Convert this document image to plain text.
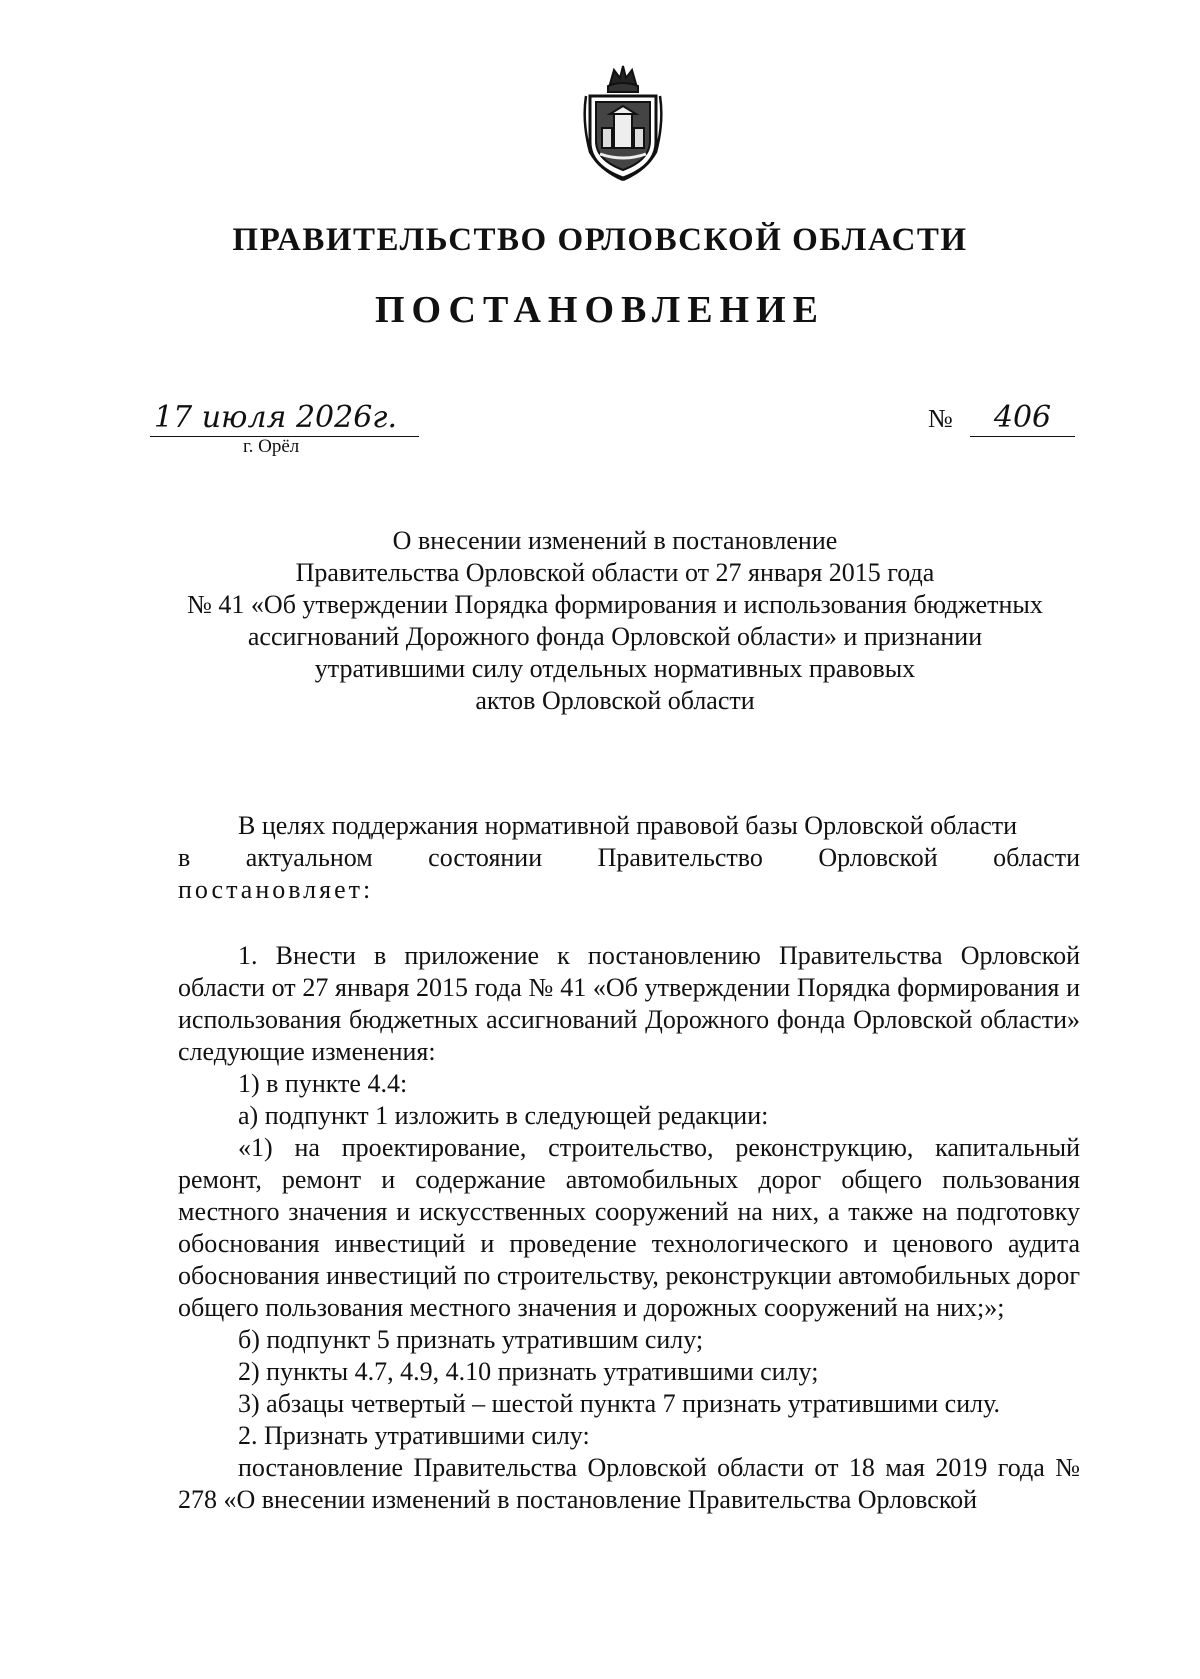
ПРАВИТЕЛЬСТВО ОРЛОВСКОЙ ОБЛАСТИ
ПОСТАНОВЛЕНИЕ
17 июля 2026г.
г. Орёл
№	406
О внесении изменений в постановление
Правительства Орловской области от 27 января 2015 года
№ 41 «Об утверждении Порядка формирования и использования бюджетных
ассигнований Дорожного фонда Орловской области» и признании
утратившими силу отдельных нормативных правовых
актов Орловской области
В целях поддержания нормативной правовой базы Орловской области
в актуальном состоянии Правительство Орловской области
постановляет:
1. Внести в приложение к постановлению Правительства Орловской области от 27 января 2015 года № 41 «Об утверждении Порядка формирования и использования бюджетных ассигнований Дорожного фонда Орловской области» следующие изменения:
1) в пункте 4.4:
а) подпункт 1 изложить в следующей редакции:
«1) на проектирование, строительство, реконструкцию, капитальный ремонт, ремонт и содержание автомобильных дорог общего пользования местного значения и искусственных сооружений на них, а также на подготовку обоснования инвестиций и проведение технологического и ценового аудита обоснования инвестиций по строительству, реконструкции автомобильных дорог общего пользования местного значения и дорожных сооружений на них;»;
б) подпункт 5 признать утратившим силу;
2) пункты 4.7, 4.9, 4.10 признать утратившими силу;
3) абзацы четвертый – шестой пункта 7 признать утратившими силу.
2. Признать утратившими силу:
постановление Правительства Орловской области от 18 мая 2019 года № 278 «О внесении изменений в постановление Правительства Орловской
